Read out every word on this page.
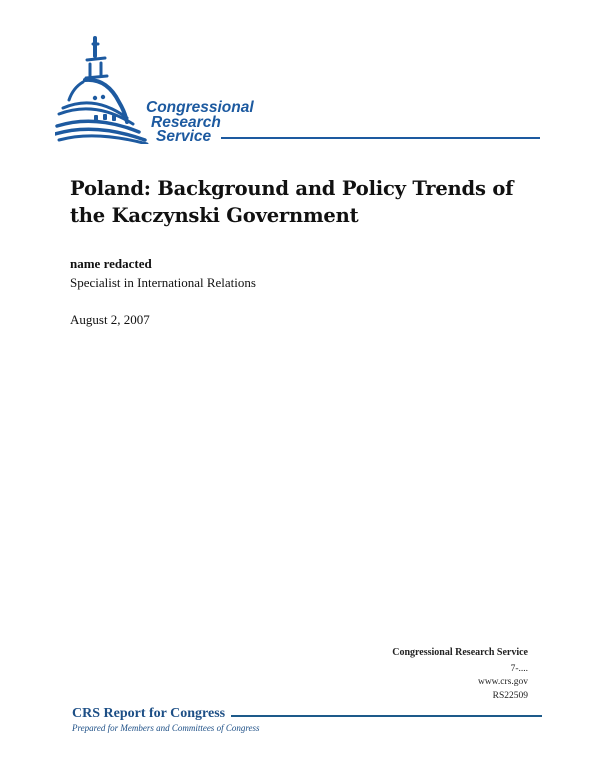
Congressional
Research
Service
Poland: Background and Policy Trends of the Kaczynski Government
name redacted
Specialist in International Relations
August 2, 2007
Congressional Research Service
7-....
www.crs.gov
RS22509
CRS Report for Congress
Prepared for Members and Committees of Congress
